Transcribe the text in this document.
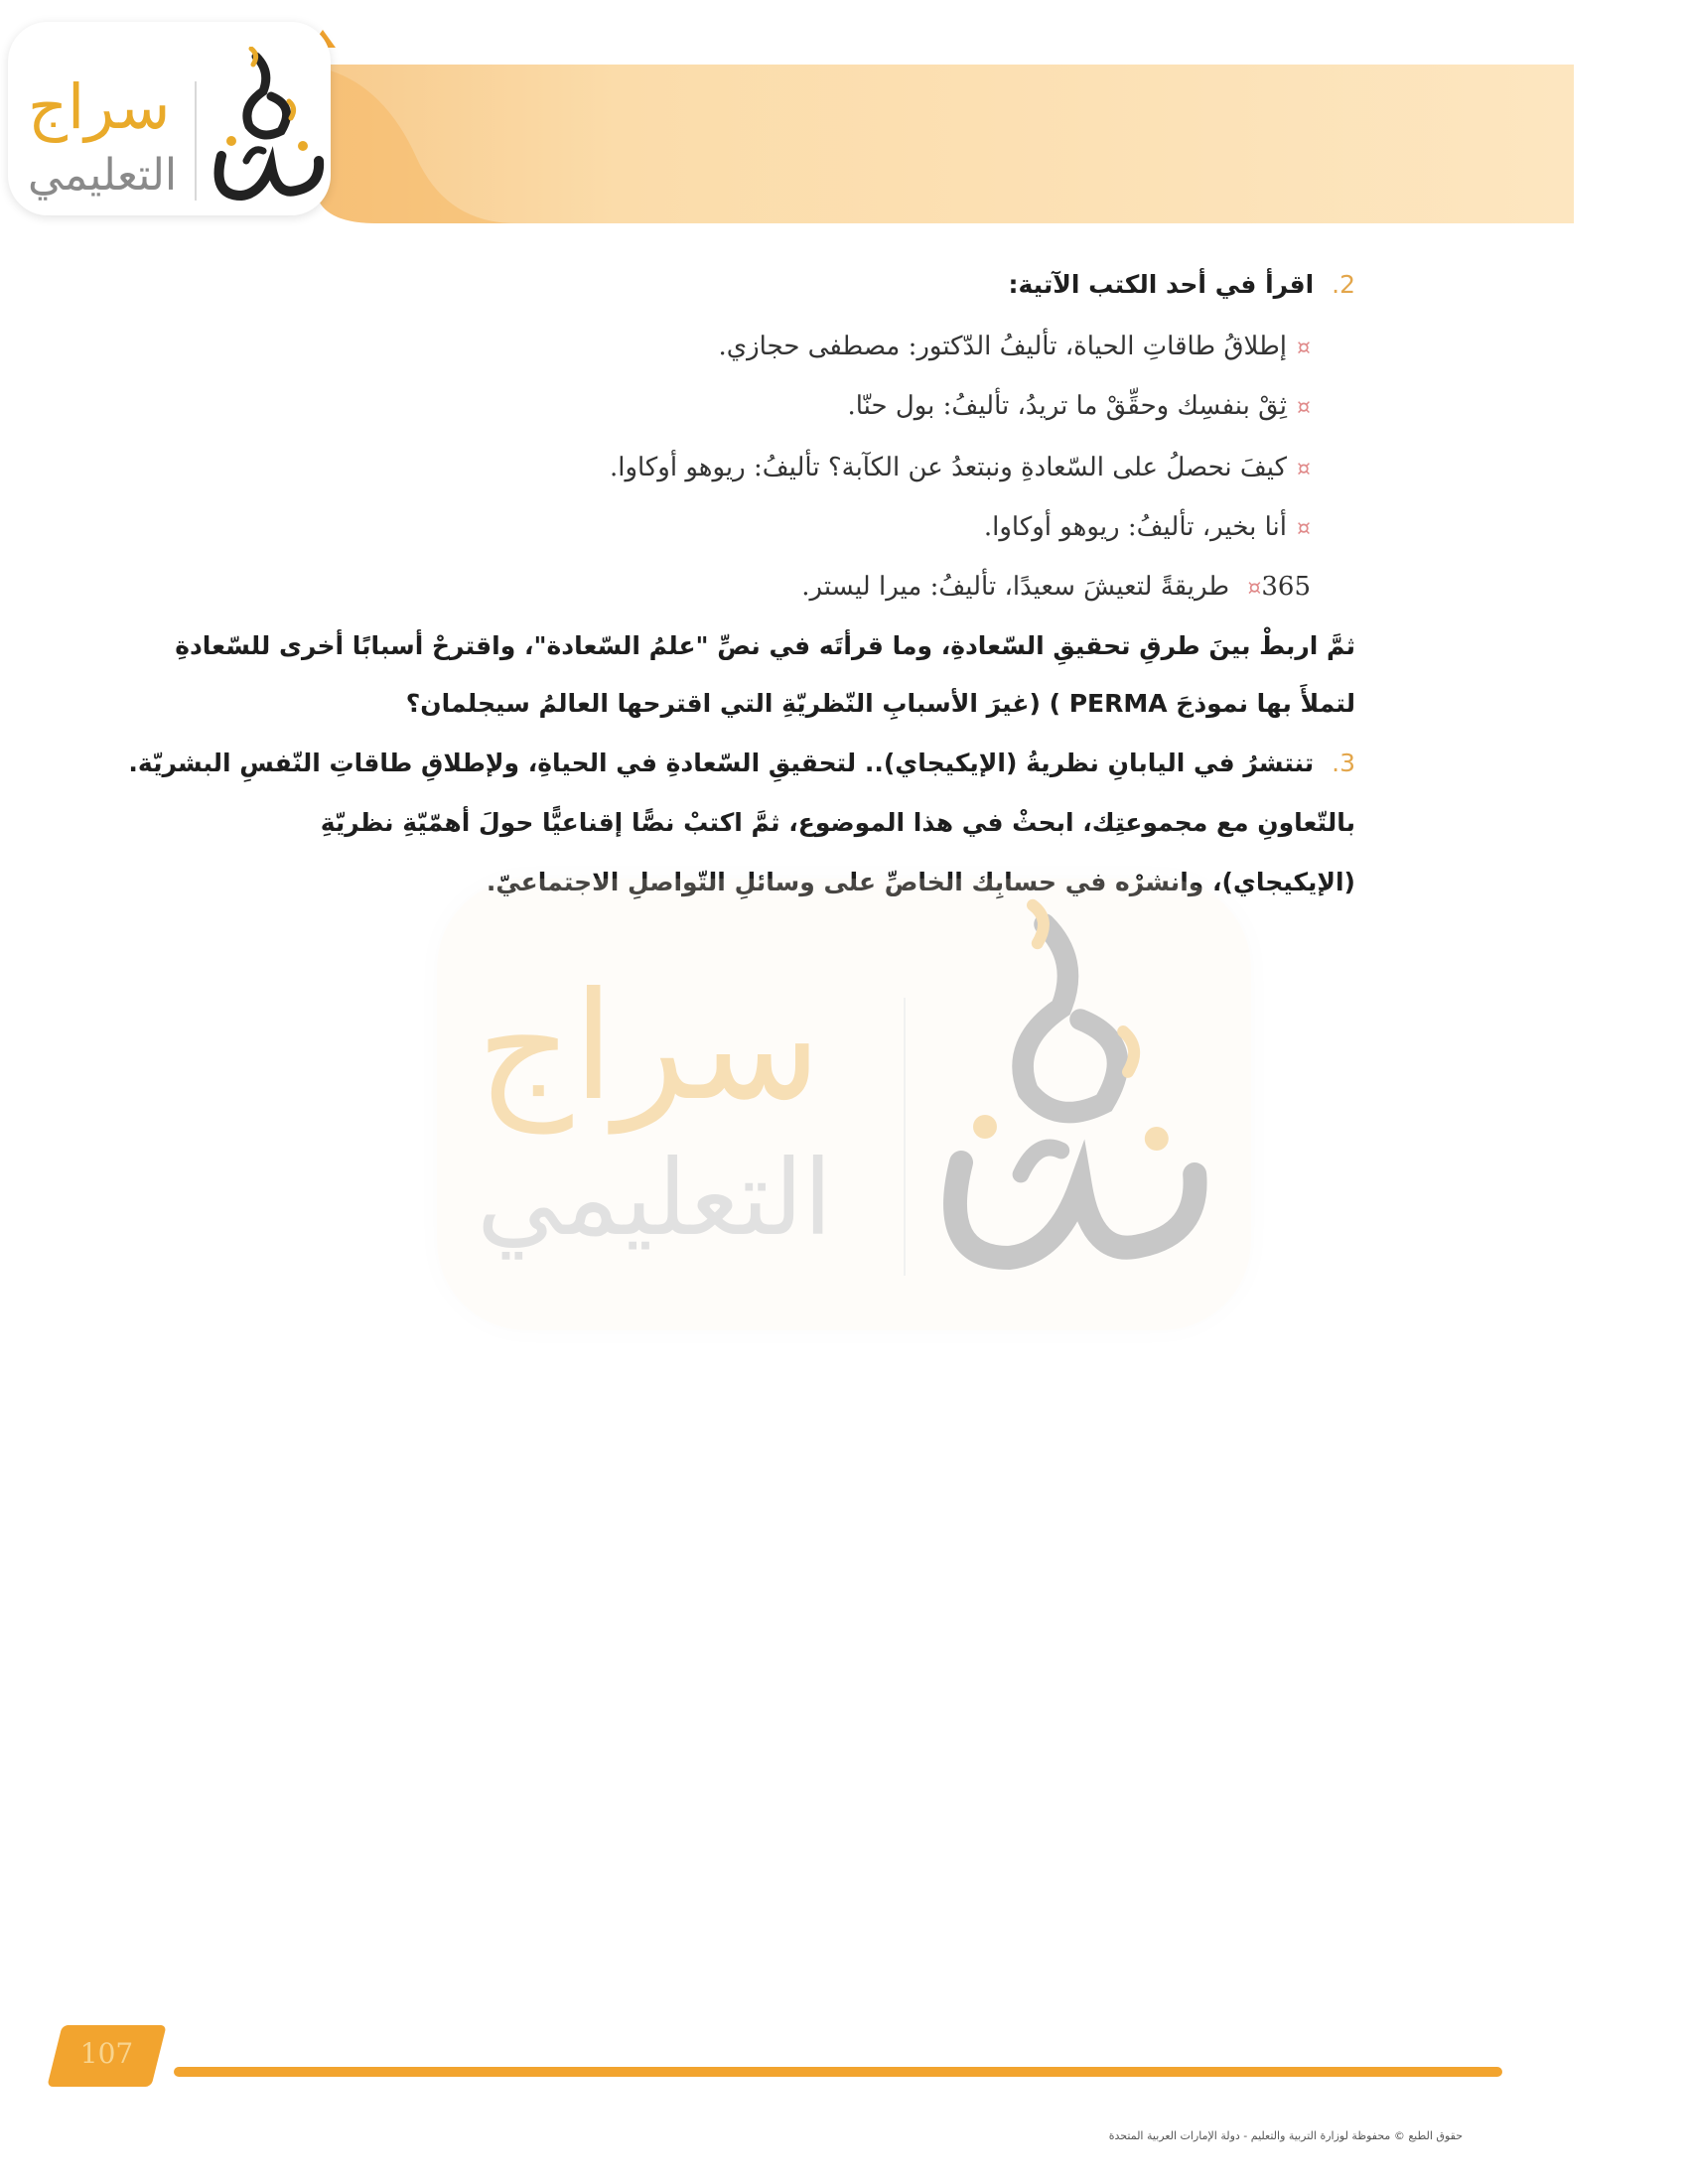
سراج
التعليمي
2.اقرأ في أحد الكتب الآتية:
¤إطلاقُ طاقاتِ الحياة، تأليفُ الدّكتور: مصطفى حجازي.
¤ثِقْ بنفسِك وحقِّقْ ما تريدُ، تأليفُ: بول حنّا.
¤كيفَ نحصلُ على السّعادةِ ونبتعدُ عن الكآبة؟ تأليفُ: ريوهو أوكاوا.
¤أنا بخير، تأليفُ: ريوهو أوكاوا.
¤365 طريقةً لتعيشَ سعيدًا، تأليفُ: ميرا ليستر.
ثمَّ اربطْ بينَ طرقِ تحقيقِ السّعادةِ، وما قرأتَه في نصِّ "علمُ السّعادة"، واقترحْ أسبابًا أخرى للسّعادةِ
لتملأَ بها نموذجَ PERMA ) (غيرَ الأسبابِ النّظريّةِ التي اقترحها العالمُ سيجلمان؟
3.تنتشرُ في اليابانِ نظريةُ (الإيكيجاي).. لتحقيقِ السّعادةِ في الحياةِ، ولإطلاقِ طاقاتِ النّفسِ البشريّة.
بالتّعاونِ مع مجموعتِك، ابحثْ في هذا الموضوع، ثمَّ اكتبْ نصًّا إقناعيًّا حولَ أهمّيّةِ نظريّةِ
(الإيكيجاي)، وانشرْه في حسابِك الخاصِّ على وسائلِ التّواصلِ الاجتماعيّ.
سراج
التعليمي
107
حقوق الطبع © محفوظة لوزارة التربية والتعليم - دولة الإمارات العربية المتحدة
